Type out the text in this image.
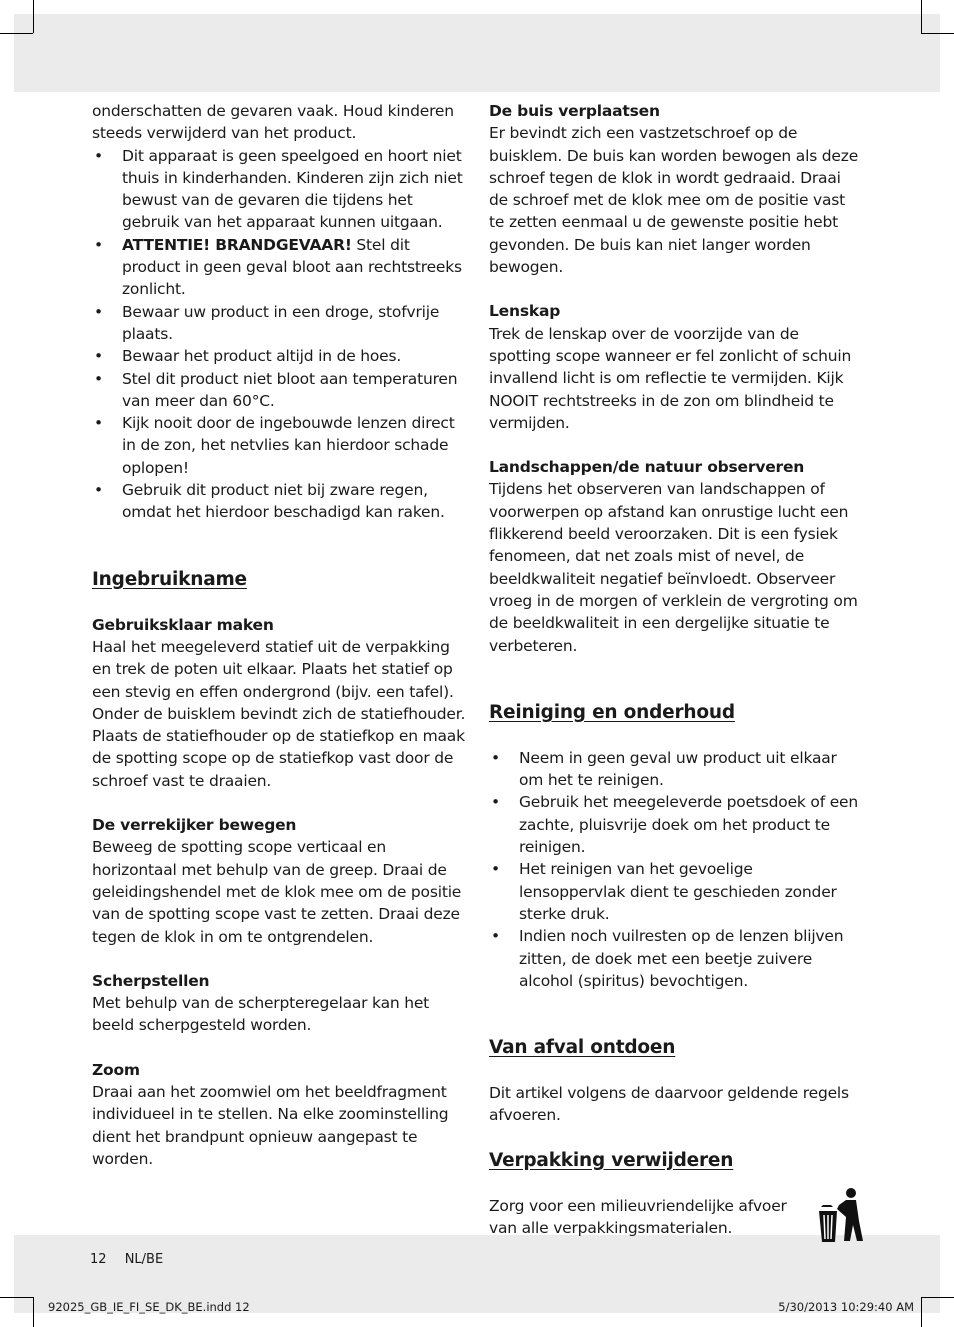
onderschatten de gevaren vaak. Houd kinderen steeds verwijderd van het product.

• Dit apparaat is geen speelgoed en hoort niet thuis in kinderhanden. Kinderen zijn zich niet bewust van de gevaren die tijdens het gebruik van het apparaat kunnen uitgaan.
• ATTENTIE! BRANDGEVAAR! Stel dit product in geen geval bloot aan rechtstreeks zonlicht.
• Bewaar uw product in een droge, stofvrije plaats.
• Bewaar het product altijd in de hoes.
• Stel dit product niet bloot aan temperaturen van meer dan 60°C.
• Kijk nooit door de ingebouwde lenzen direct in de zon, het netvlies kan hierdoor schade oplopen!
• Gebruik dit product niet bij zware regen, omdat het hierdoor beschadigd kan raken.

Ingebruikname

Gebruiksklaar maken

Haal het meegeleverd statief uit de verpakking en trek de poten uit elkaar. Plaats het statief op een stevig en effen ondergrond (bijv. een tafel). Onder de buisklem bevindt zich de statiefhouder. Plaats de statiefhouder op de statiefkop en maak de spotting scope op de statiefkop vast door de schroef vast te draaien.

De verrekijker bewegen

Beweeg de spotting scope verticaal en horizontaal met behulp van de greep. Draai de geleidingshendel met de klok mee om de positie van de spotting scope vast te zetten. Draai deze tegen de klok in om te ontgrendelen.

Scherpstellen

Met behulp van de scherpteregelaar kan het beeld scherpgesteld worden.

Zoom

Draai aan het zoomwiel om het beeldfragment individueel in te stellen. Na elke zoominstelling dient het brandpunt opnieuw aangepast te worden.

De buis verplaatsen

Er bevindt zich een vastzetschroef op de buisklem. De buis kan worden bewogen als deze schroef tegen de klok in wordt gedraaid. Draai de schroef met de klok mee om de positie vast te zetten eenmaal u de gewenste positie hebt gevonden. De buis kan niet langer worden bewogen.

Lenskap

Trek de lenskap over de voorzijde van de spotting scope wanneer er fel zonlicht of schuin invallend licht is om reflectie te vermijden. Kijk NOOIT rechtstreeks in de zon om blindheid te vermijden.

Landschappen/de natuur observeren

Tijdens het observeren van landschappen of voorwerpen op afstand kan onrustige lucht een flikkerend beeld veroorzaken. Dit is een fysiek fenomeen, dat net zoals mist of nevel, de beeldkwaliteit negatief beïnvloedt. Observeer vroeg in de morgen of verklein de vergroting om de beeldkwaliteit in een dergelijke situatie te verbeteren.

Reiniging en onderhoud

• Neem in geen geval uw product uit elkaar om het te reinigen.
• Gebruik het meegeleverde poetsdoek of een zachte, pluisvrije doek om het product te reinigen.
• Het reinigen van het gevoelige lensoppervlak dient te geschieden zonder sterke druk.
• Indien noch vuilresten op de lenzen blijven zitten, de doek met een beetje zuivere alcohol (spiritus) bevochtigen.

Van afval ontdoen

Dit artikel volgens de daarvoor geldende regels afvoeren.

Verpakking verwijderen

Zorg voor een milieuvriendelijke afvoer van alle verpakkingsmaterialen.

12 NL/BE
92025_GB_IE_FI_SE_DK_BE.indd 12	5/30/2013 10:29:40 AM
